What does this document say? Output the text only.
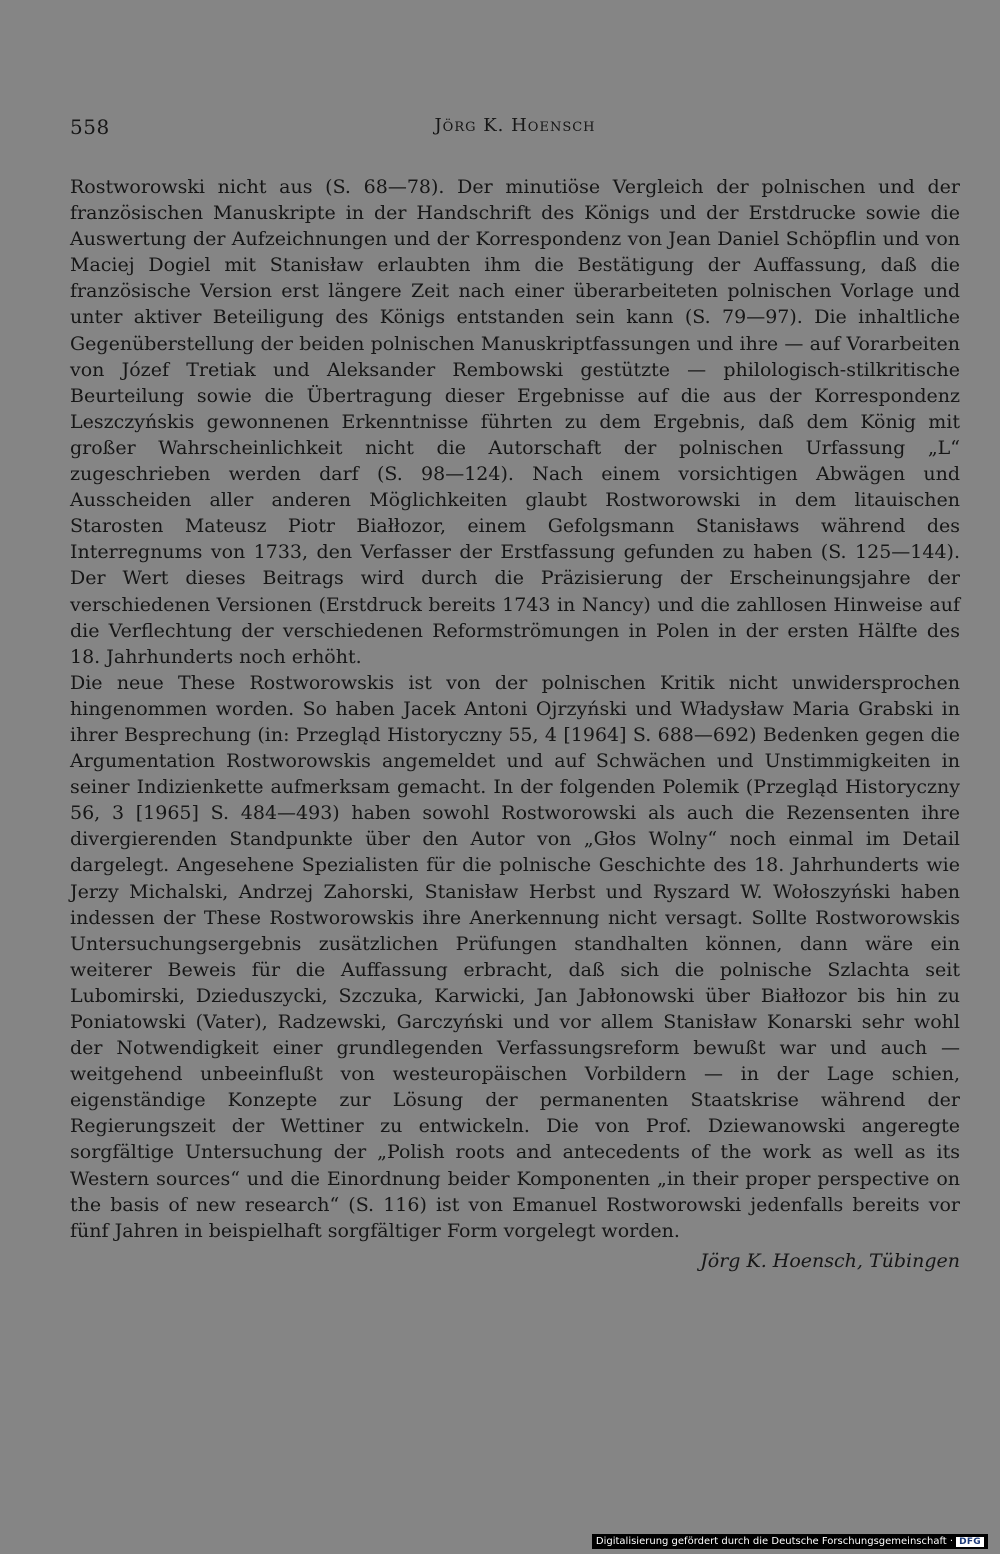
558	Jörg K. Hoensch

Rostworowski nicht aus (S. 68—78). Der minutiöse Vergleich der polnischen und der französischen Manuskripte in der Handschrift des Königs und der Erstdrucke sowie die Auswertung der Aufzeichnungen und der Korrespondenz von Jean Daniel Schöpflin und von Maciej Dogiel mit Stanisław erlaubten ihm die Bestätigung der Auffassung, daß die französische Version erst längere Zeit nach einer überarbeiteten polnischen Vorlage und unter aktiver Beteiligung des Königs entstanden sein kann (S. 79—97). Die inhaltliche Gegenüberstellung der beiden polnischen Manuskriptfassungen und ihre — auf Vorarbeiten von Józef Tretiak und Aleksander Rembowski gestützte — philologisch-stilkritische Beurteilung sowie die Übertragung dieser Ergebnisse auf die aus der Korrespondenz Leszczyńskis gewonnenen Erkenntnisse führten zu dem Ergebnis, daß dem König mit großer Wahrscheinlichkeit nicht die Autorschaft der polnischen Urfassung „L“ zugeschrieben werden darf (S. 98—124). Nach einem vorsichtigen Abwägen und Ausscheiden aller anderen Möglichkeiten glaubt Rostworowski in dem litauischen Starosten Mateusz Piotr Białłozor, einem Gefolgsmann Stanisławs während des Interregnums von 1733, den Verfasser der Erstfassung gefunden zu haben (S. 125—144). Der Wert dieses Beitrags wird durch die Präzisierung der Erscheinungsjahre der verschiedenen Versionen (Erstdruck bereits 1743 in Nancy) und die zahllosen Hinweise auf die Verflechtung der verschiedenen Reformströmungen in Polen in der ersten Hälfte des 18. Jahrhunderts noch erhöht.

Die neue These Rostworowskis ist von der polnischen Kritik nicht unwidersprochen hingenommen worden. So haben Jacek Antoni Ojrzyński und Władysław Maria Grabski in ihrer Besprechung (in: Przegląd Historyczny 55, 4 [1964] S. 688—692) Bedenken gegen die Argumentation Rostworowskis angemeldet und auf Schwächen und Unstimmigkeiten in seiner Indizienkette aufmerksam gemacht. In der folgenden Polemik (Przegląd Historyczny 56, 3 [1965] S. 484—493) haben sowohl Rostworowski als auch die Rezensenten ihre divergierenden Standpunkte über den Autor von „Głos Wolny“ noch einmal im Detail dargelegt. Angesehene Spezialisten für die polnische Geschichte des 18. Jahrhunderts wie Jerzy Michalski, Andrzej Zahorski, Stanisław Herbst und Ryszard W. Wołoszyński haben indessen der These Rostworowskis ihre Anerkennung nicht versagt. Sollte Rostworowskis Untersuchungsergebnis zusätzlichen Prüfungen standhalten können, dann wäre ein weiterer Beweis für die Auffassung erbracht, daß sich die polnische Szlachta seit Lubomirski, Dzieduszycki, Szczuka, Karwicki, Jan Jabłonowski über Białłozor bis hin zu Poniatowski (Vater), Radzewski, Garczyński und vor allem Stanisław Konarski sehr wohl der Notwendigkeit einer grundlegenden Verfassungsreform bewußt war und auch — weitgehend unbeeinflußt von westeuropäischen Vorbildern — in der Lage schien, eigenständige Konzepte zur Lösung der permanenten Staatskrise während der Regierungszeit der Wettiner zu entwickeln. Die von Prof. Dziewanowski angeregte sorgfältige Untersuchung der „Polish roots and antecedents of the work as well as its Western sources“ und die Einordnung beider Komponenten „in their proper perspective on the basis of new research“ (S. 116) ist von Emanuel Rostworowski jedenfalls bereits vor fünf Jahren in beispielhaft sorgfältiger Form vorgelegt worden.

Jörg K. Hoensch, Tübingen
Digitalisierung gefördert durch die Deutsche Forschungsgemeinschaft · DFG
